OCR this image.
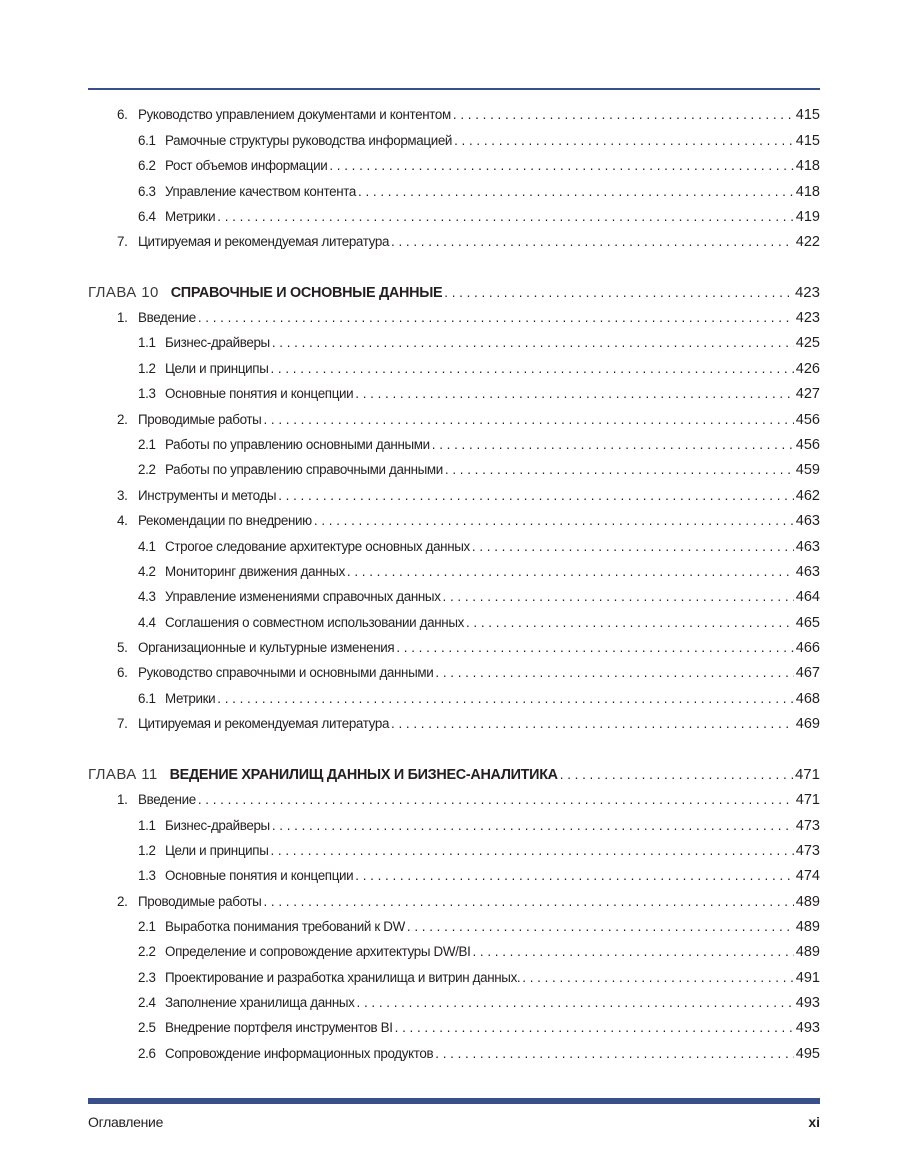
6. Руководство управлением документами и контентом . . .	415
6.1 Рамочные структуры руководства информацией . . .	415
6.2 Рост объемов информации . . .	418
6.3 Управление качеством контента . . .	418
6.4 Метрики . . .	419
7. Цитируемая и рекомендуемая литература . . .	422
ГЛАВА 10 СПРАВОЧНЫЕ И ОСНОВНЫЕ ДАННЫЕ . . .	423
1. Введение . . .	423
1.1 Бизнес-драйверы . . .	425
1.2 Цели и принципы . . .	426
1.3 Основные понятия и концепции . . .	427
2. Проводимые работы . . .	456
2.1 Работы по управлению основными данными . . .	456
2.2 Работы по управлению справочными данными . . .	459
3. Инструменты и методы . . .	462
4. Рекомендации по внедрению . . .	463
4.1 Строгое следование архитектуре основных данных . . .	463
4.2 Мониторинг движения данных . . .	463
4.3 Управление изменениями справочных данных . . .	464
4.4 Соглашения о совместном использовании данных . . .	465
5. Организационные и культурные изменения . . .	466
6. Руководство справочными и основными данными . . .	467
6.1 Метрики . . .	468
7. Цитируемая и рекомендуемая литература . . .	469
ГЛАВА 11 ВЕДЕНИЕ ХРАНИЛИЩ ДАННЫХ И БИЗНЕС-АНАЛИТИКА . . .	471
1. Введение . . .	471
1.1 Бизнес-драйверы . . .	473
1.2 Цели и принципы . . .	473
1.3 Основные понятия и концепции . . .	474
2. Проводимые работы . . .	489
2.1 Выработка понимания требований к DW . . .	489
2.2 Определение и сопровождение архитектуры DW/BI . . .	489
2.3 Проектирование и разработка хранилища и витрин данных. . . .	491
2.4 Заполнение хранилища данных . . .	493
2.5 Внедрение портфеля инструментов BI . . .	493
2.6 Сопровождение информационных продуктов . . .	495
Оглавление	xi
